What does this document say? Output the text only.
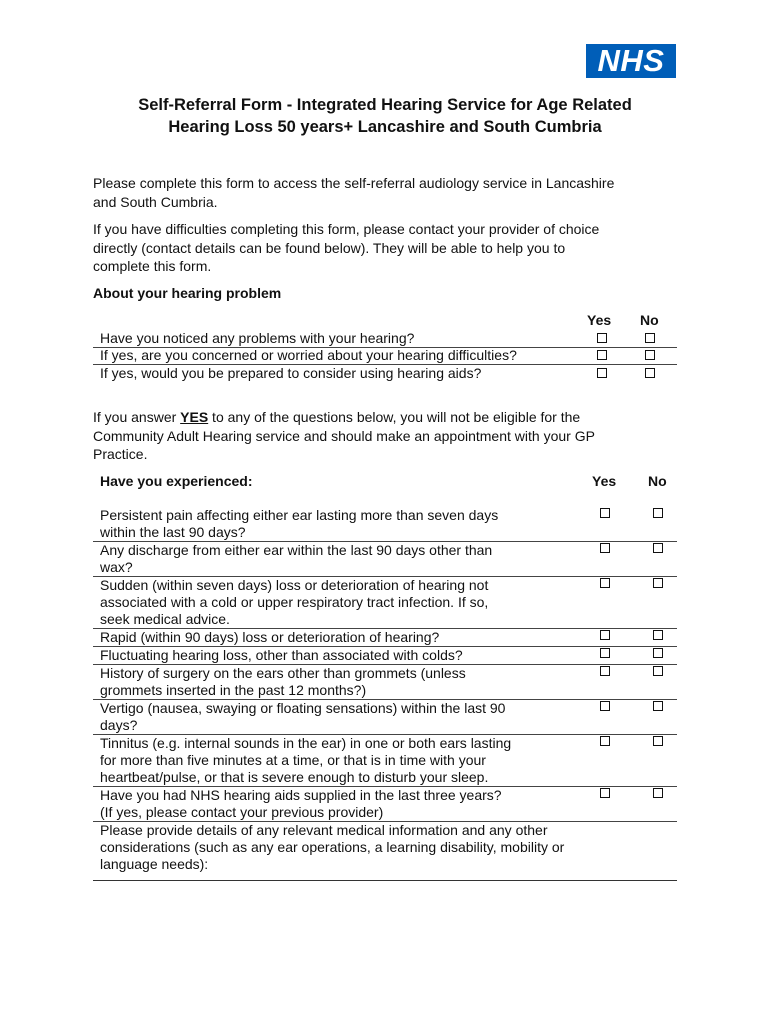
NHS
Self-Referral Form - Integrated Hearing Service for Age Related
Hearing Loss 50 years+ Lancashire and South Cumbria
Please complete this form to access the self-referral audiology service in Lancashire
and South Cumbria.
If you have difficulties completing this form, please contact your provider of choice
directly (contact details can be found below). They will be able to help you to
complete this form.
About your hearing problem
Yes No
Have you noticed any problems with your hearing?
If yes, are you concerned or worried about your hearing difficulties?
If yes, would you be prepared to consider using hearing aids?
If you answer YES to any of the questions below, you will not be eligible for the
Community Adult Hearing service and should make an appointment with your GP
Practice.
Have you experienced:	Yes No
Persistent pain affecting either ear lasting more than seven days
within the last 90 days?
Any discharge from either ear within the last 90 days other than
wax?
Sudden (within seven days) loss or deterioration of hearing not
associated with a cold or upper respiratory tract infection. If so,
seek medical advice.
Rapid (within 90 days) loss or deterioration of hearing?
Fluctuating hearing loss, other than associated with colds?
History of surgery on the ears other than grommets (unless
grommets inserted in the past 12 months?)
Vertigo (nausea, swaying or floating sensations) within the last 90
days?
Tinnitus (e.g. internal sounds in the ear) in one or both ears lasting
for more than five minutes at a time, or that is in time with your
heartbeat/pulse, or that is severe enough to disturb your sleep.
Have you had NHS hearing aids supplied in the last three years?
(If yes, please contact your previous provider)
Please provide details of any relevant medical information and any other
considerations (such as any ear operations, a learning disability, mobility or
language needs):
